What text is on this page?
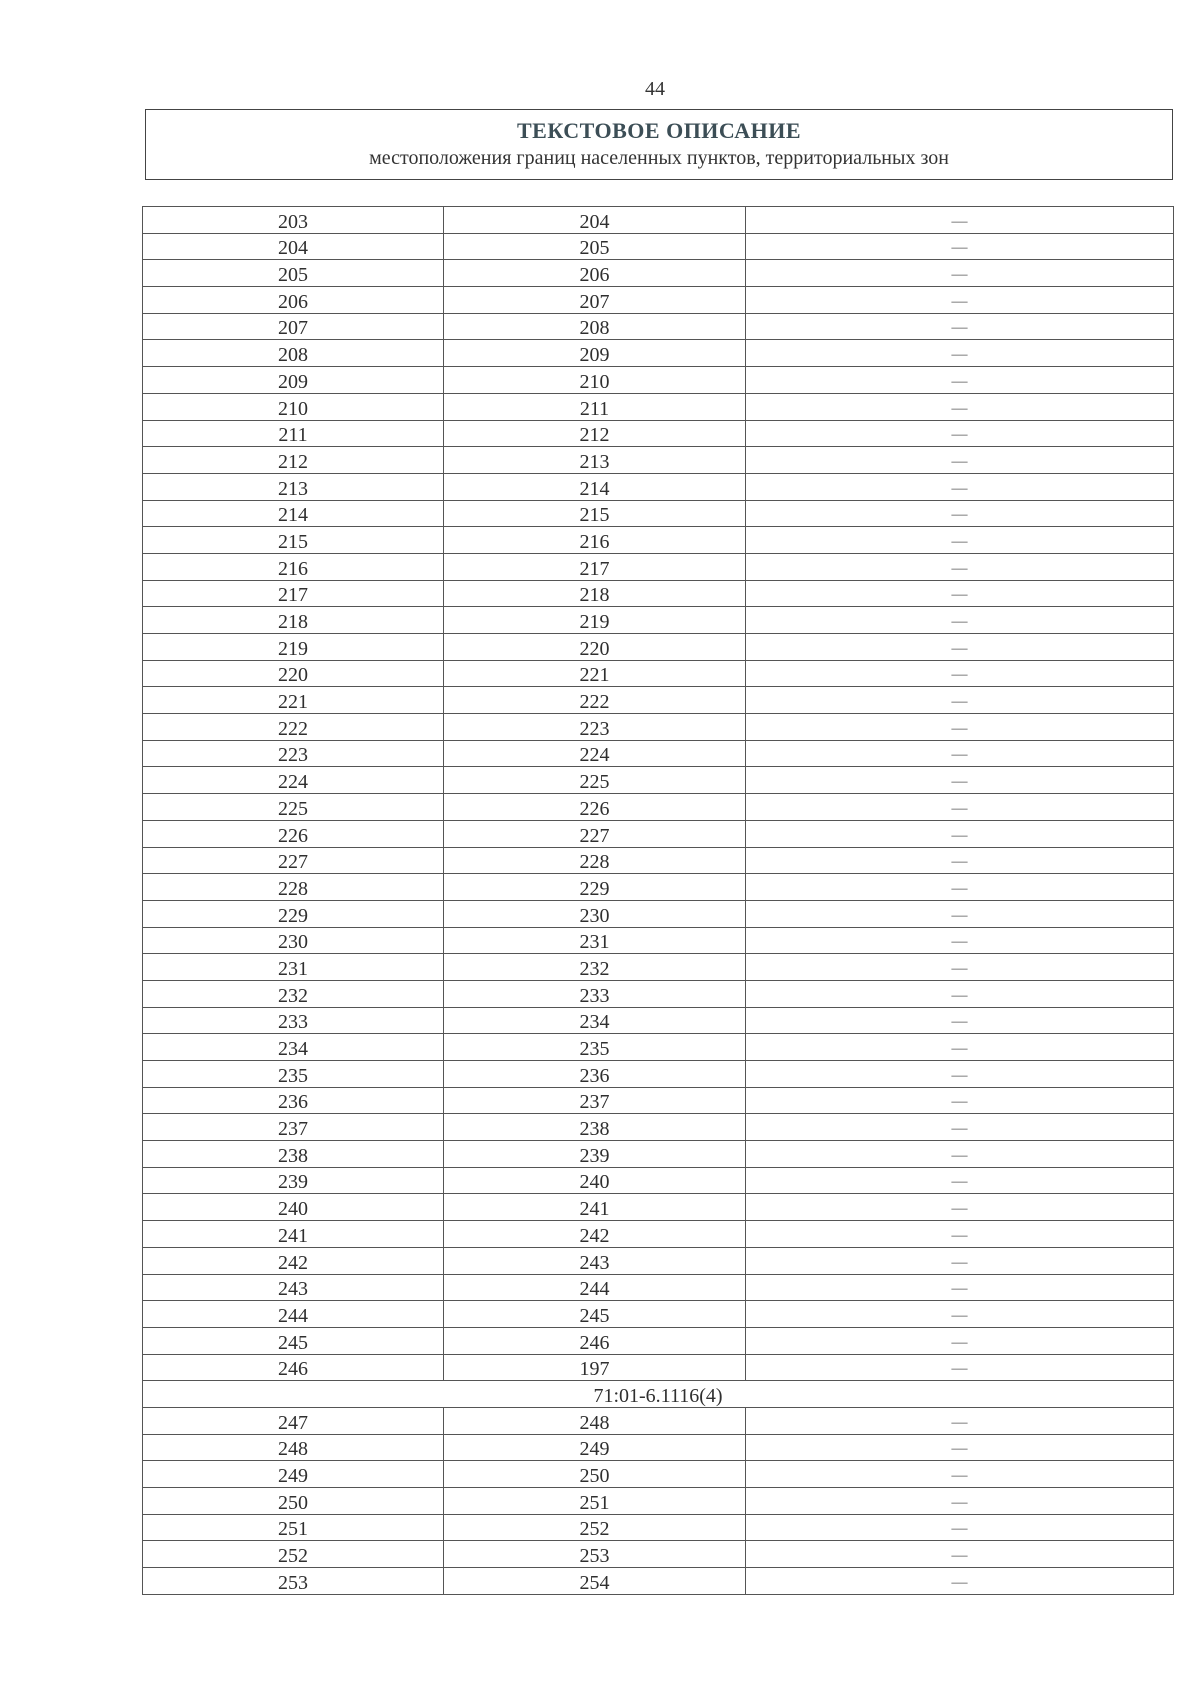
44
ТЕКСТОВОЕ ОПИСАНИЕ
местоположения границ населенных пунктов, территориальных зон
203	204	—
204	205	—
205	206	—
206	207	—
207	208	—
208	209	—
209	210	—
210	211	—
211	212	—
212	213	—
213	214	—
214	215	—
215	216	—
216	217	—
217	218	—
218	219	—
219	220	—
220	221	—
221	222	—
222	223	—
223	224	—
224	225	—
225	226	—
226	227	—
227	228	—
228	229	—
229	230	—
230	231	—
231	232	—
232	233	—
233	234	—
234	235	—
235	236	—
236	237	—
237	238	—
238	239	—
239	240	—
240	241	—
241	242	—
242	243	—
243	244	—
244	245	—
245	246	—
246	197	—
71:01-6.1116(4)		
247	248	—
248	249	—
249	250	—
250	251	—
251	252	—
252	253	—
253	254	—
